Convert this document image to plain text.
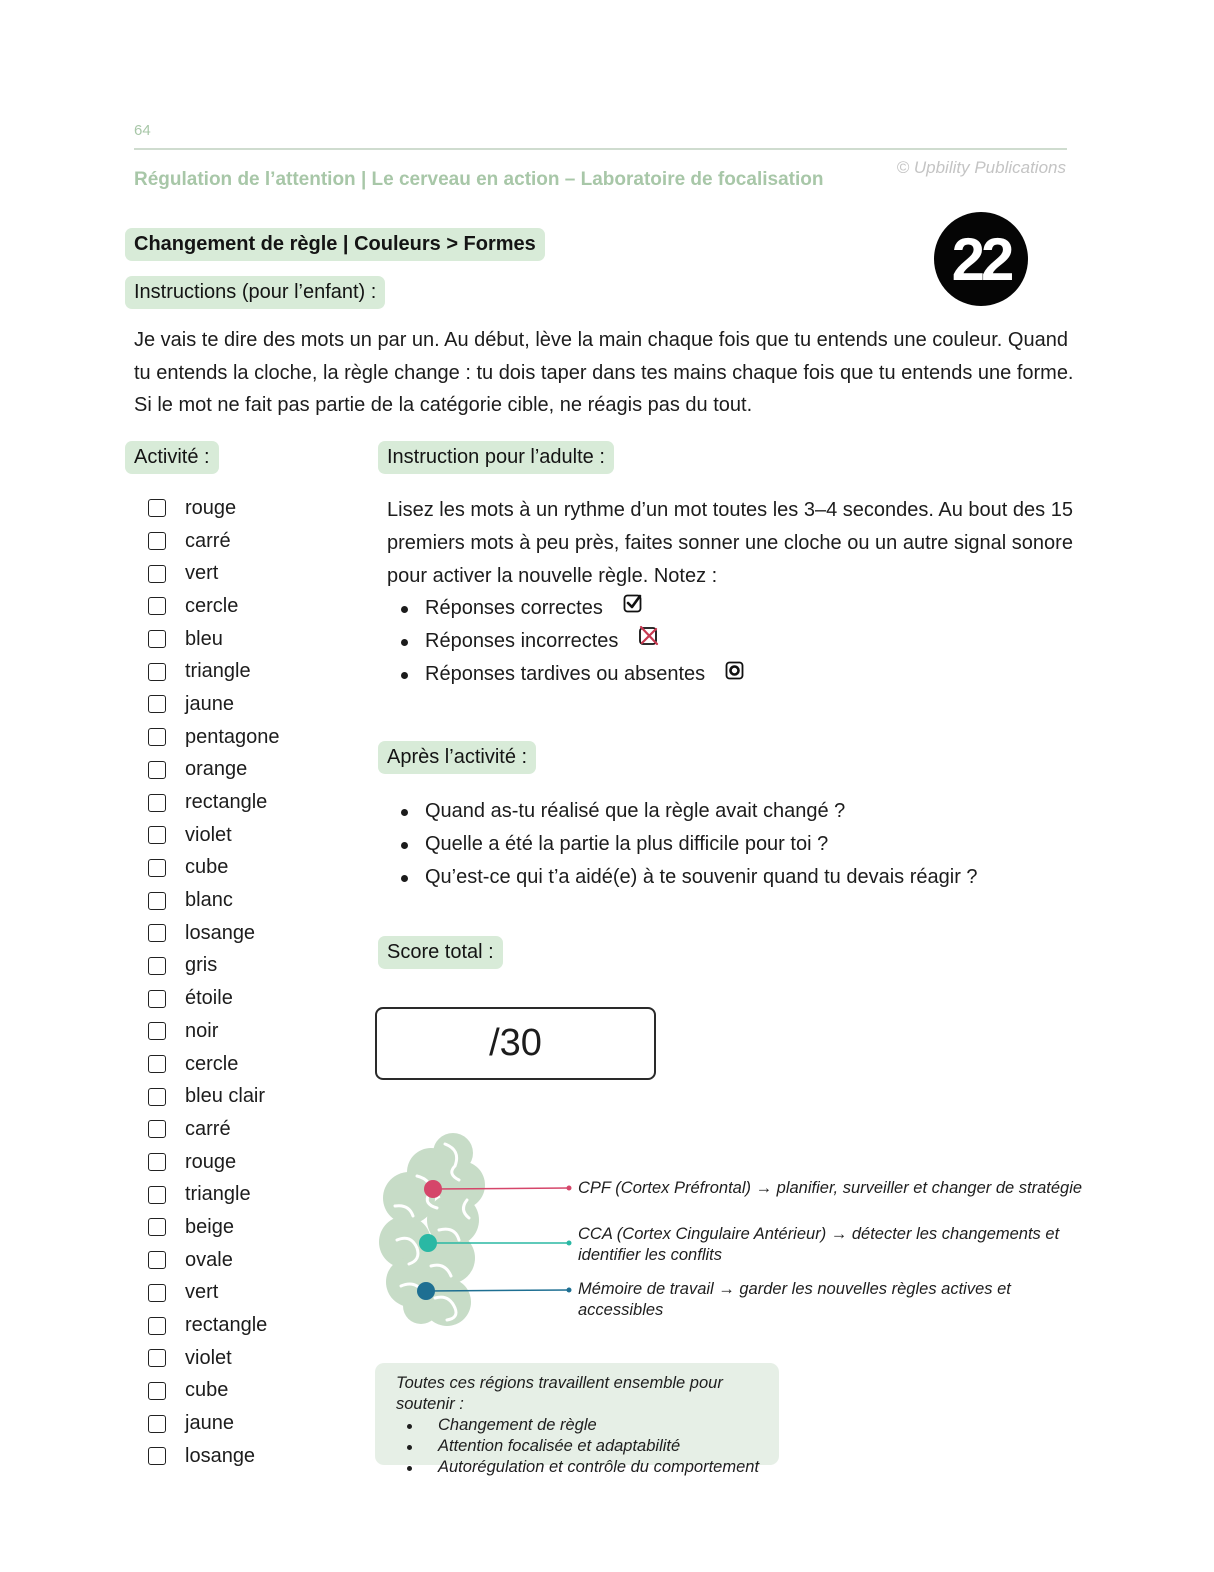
64
© Upbility Publications
Régulation de l’attention | Le cerveau en action – Laboratoire de focalisation
Changement de règle | Couleurs > Formes	22
Instructions (pour l’enfant) :
Je vais te dire des mots un par un. Au début, lève la main chaque fois que tu entends une couleur. Quand tu entends la cloche, la règle change : tu dois taper dans tes mains chaque fois que tu entends une forme. Si le mot ne fait pas partie de la catégorie cible, ne réagis pas du tout.
Activité :
rouge
carré
vert
cercle
bleu
triangle
jaune
pentagone
orange
rectangle
violet
cube
blanc
losange
gris
étoile
noir
cercle
bleu clair
carré
rouge
triangle
beige
ovale
vert
rectangle
violet
cube
jaune
losange
Instruction pour l’adulte :
Lisez les mots à un rythme d’un mot toutes les 3–4 secondes. Au bout des 15 premiers mots à peu près, faites sonner une cloche ou un autre signal sonore pour activer la nouvelle règle. Notez :
Réponses correctes
Réponses incorrectes
Réponses tardives ou absentes
Après l’activité :
Quand as-tu réalisé que la règle avait changé ?
Quelle a été la partie la plus difficile pour toi ?
Qu’est-ce qui t’a aidé(e) à te souvenir quand tu devais réagir ?
Score total :
/30
CPF (Cortex Préfrontal) → planifier, surveiller et changer de stratégie
CCA (Cortex Cingulaire Antérieur) → détecter les changements et identifier les conflits
Mémoire de travail → garder les nouvelles règles actives et accessibles
Toutes ces régions travaillent ensemble pour soutenir :
Changement de règle
Attention focalisée et adaptabilité
Autorégulation et contrôle du comportement
